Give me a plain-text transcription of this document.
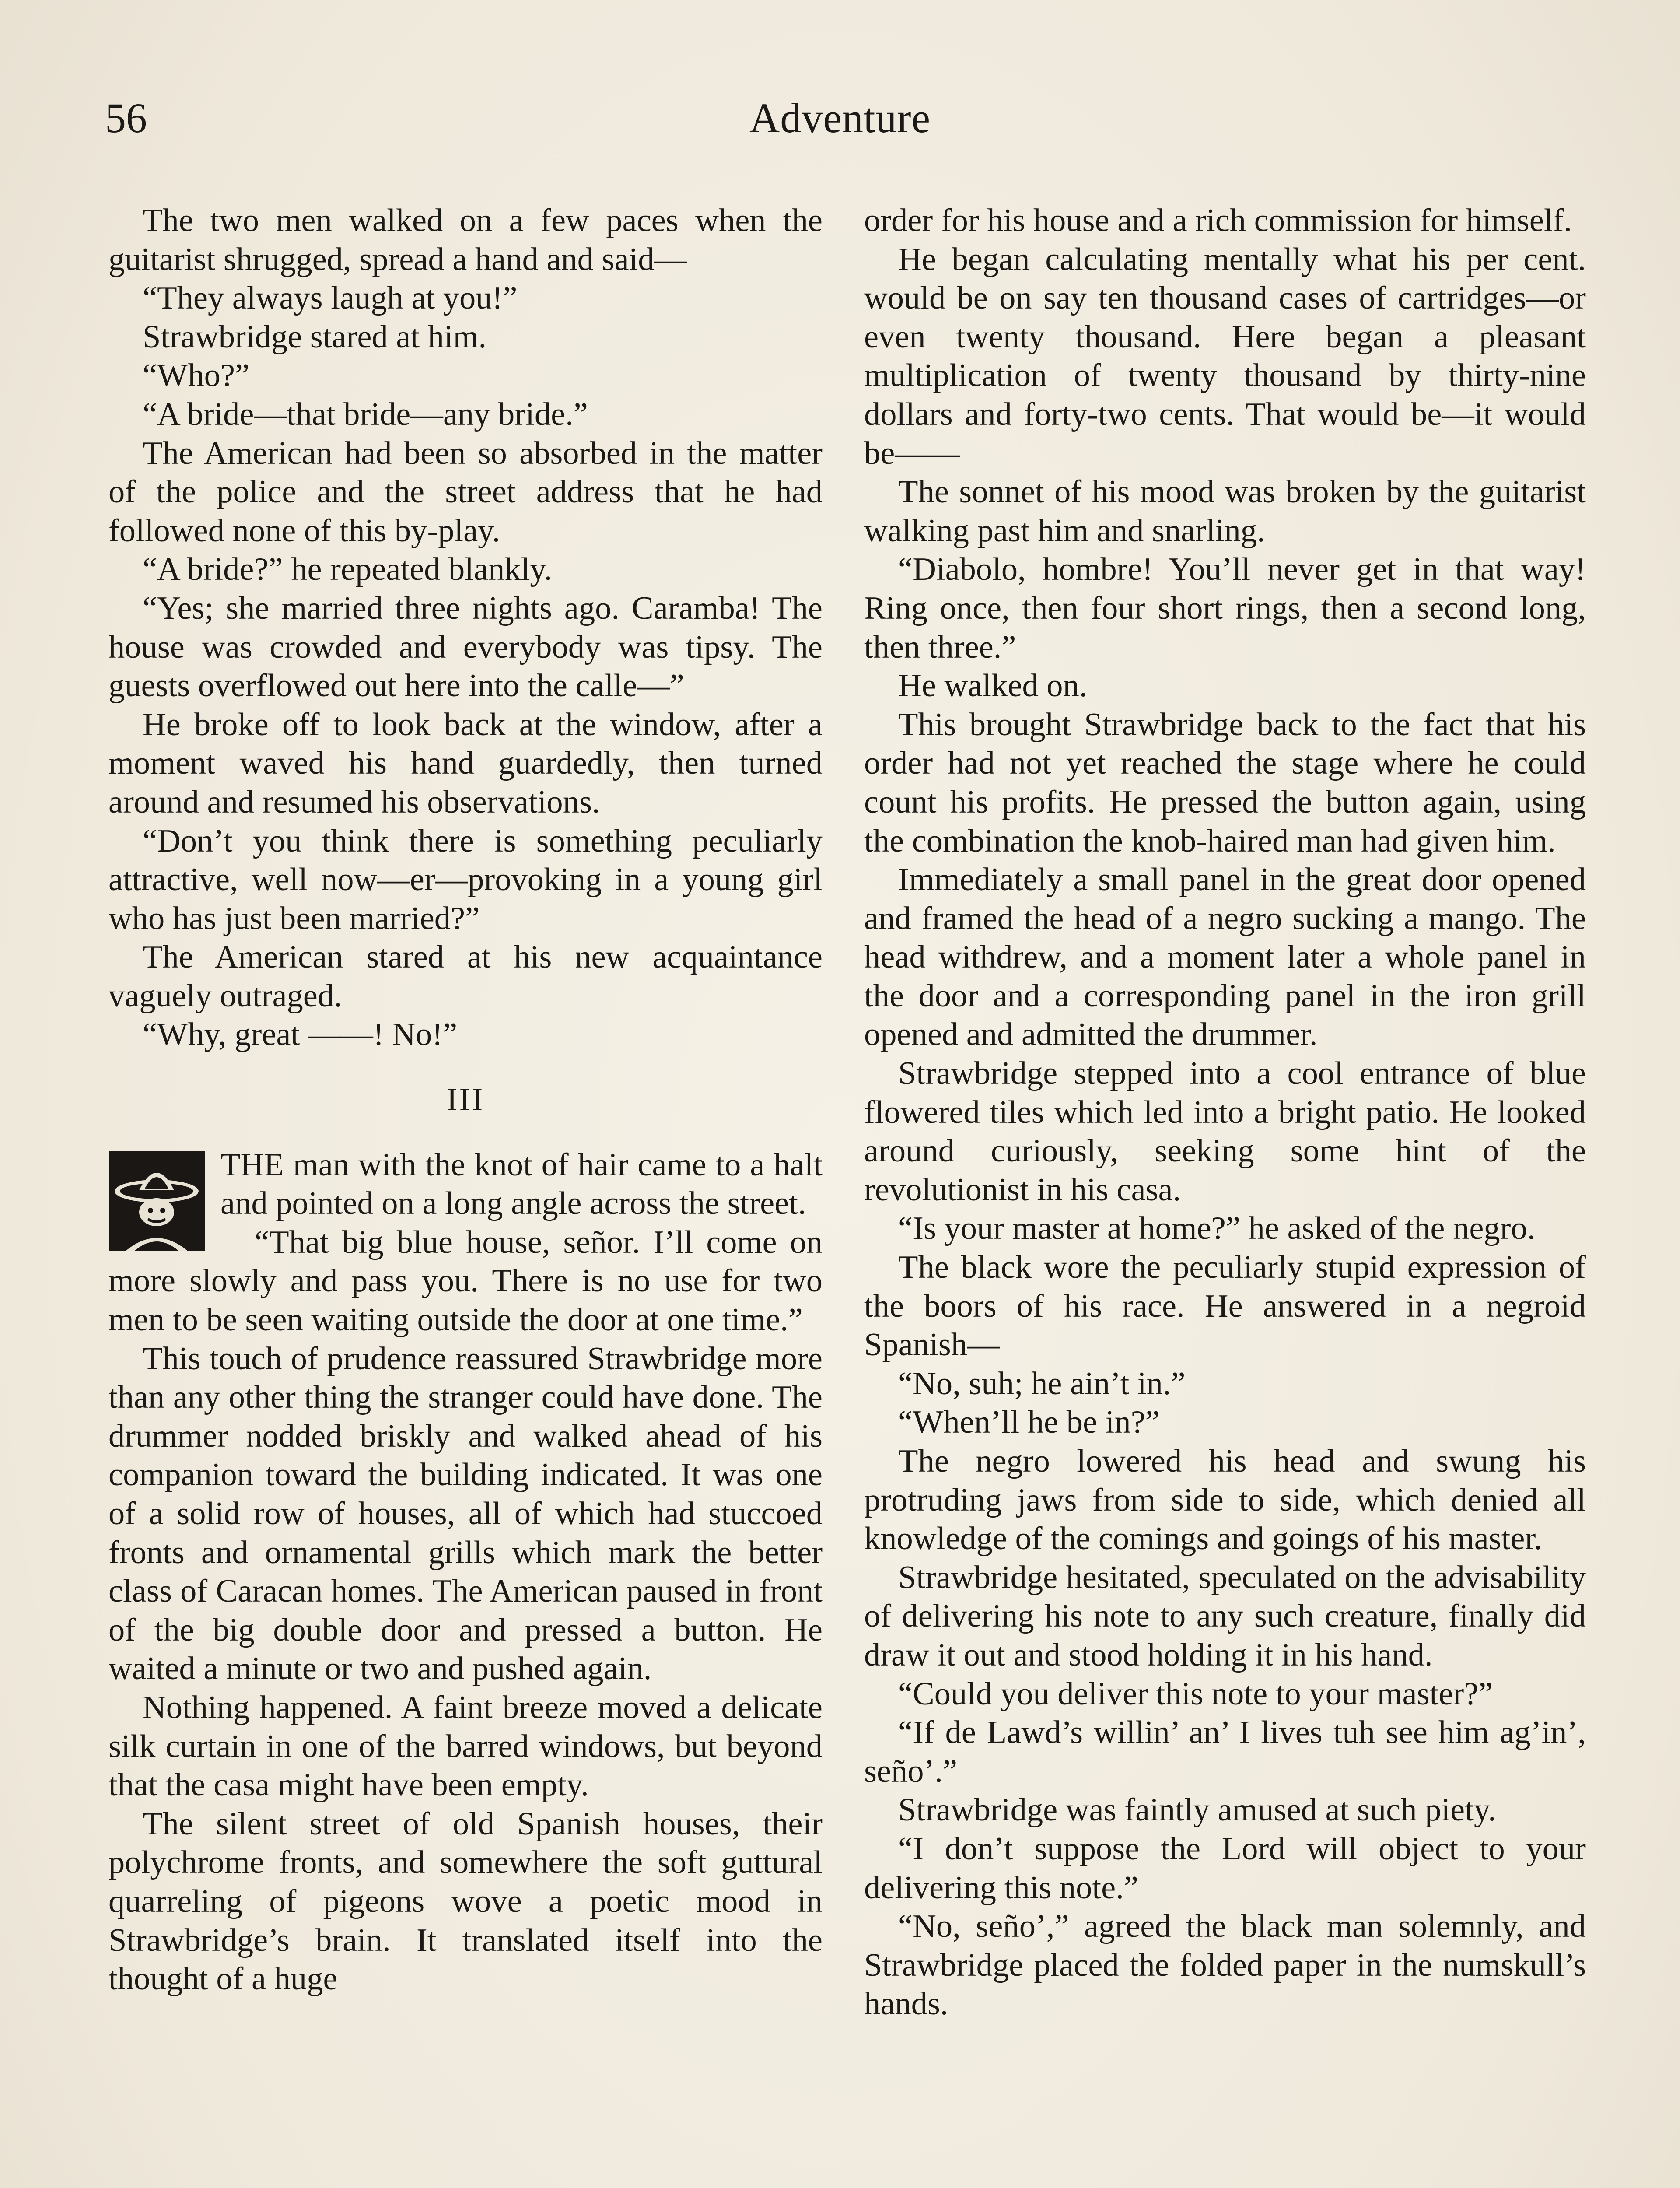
56	Adventure

The two men walked on a few paces when the guitarist shrugged, spread a hand and said—

“They always laugh at you!”

Strawbridge stared at him.

“Who?”

“A bride—that bride—any bride.”

The American had been so absorbed in the matter of the police and the street address that he had followed none of this by-play.

“A bride?” he repeated blankly.

“Yes; she married three nights ago. Caramba! The house was crowded and everybody was tipsy. The guests overflowed out here into the calle—”

He broke off to look back at the window, after a moment waved his hand guardedly, then turned around and resumed his observations.

“Don’t you think there is something peculiarly attractive, well now—er—provoking in a young girl who has just been married?”

The American stared at his new acquaintance vaguely outraged.

“Why, great ——! No!”

III

THE man with the knot of hair came to a halt and pointed on a long angle across the street.

“That big blue house, señor. I’ll come on more slowly and pass you. There is no use for two men to be seen waiting outside the door at one time.”

This touch of prudence reassured Strawbridge more than any other thing the stranger could have done. The drummer nodded briskly and walked ahead of his companion toward the building indicated. It was one of a solid row of houses, all of which had stuccoed fronts and ornamental grills which mark the better class of Caracan homes. The American paused in front of the big double door and pressed a button. He waited a minute or two and pushed again.

Nothing happened. A faint breeze moved a delicate silk curtain in one of the barred windows, but beyond that the casa might have been empty.

The silent street of old Spanish houses, their polychrome fronts, and somewhere the soft guttural quarreling of pigeons wove a poetic mood in Strawbridge’s brain. It translated itself into the thought of a huge

order for his house and a rich commission for himself.

He began calculating mentally what his per cent. would be on say ten thousand cases of cartridges—or even twenty thousand. Here began a pleasant multiplication of twenty thousand by thirty-nine dollars and forty-two cents. That would be—it would be——

The sonnet of his mood was broken by the guitarist walking past him and snarling.

“Diabolo, hombre! You’ll never get in that way! Ring once, then four short rings, then a second long, then three.”

He walked on.

This brought Strawbridge back to the fact that his order had not yet reached the stage where he could count his profits. He pressed the button again, using the combination the knob-haired man had given him.

Immediately a small panel in the great door opened and framed the head of a negro sucking a mango. The head withdrew, and a moment later a whole panel in the door and a corresponding panel in the iron grill opened and admitted the drummer.

Strawbridge stepped into a cool entrance of blue flowered tiles which led into a bright patio. He looked around curiously, seeking some hint of the revolutionist in his casa.

“Is your master at home?” he asked of the negro.

The black wore the peculiarly stupid expression of the boors of his race. He answered in a negroid Spanish—

“No, suh; he ain’t in.”

“When’ll he be in?”

The negro lowered his head and swung his protruding jaws from side to side, which denied all knowledge of the comings and goings of his master.

Strawbridge hesitated, speculated on the advisability of delivering his note to any such creature, finally did draw it out and stood holding it in his hand.

“Could you deliver this note to your master?”

“If de Lawd’s willin’ an’ I lives tuh see him ag’in’, seño’.”

Strawbridge was faintly amused at such piety.

“I don’t suppose the Lord will object to your delivering this note.”

“No, seño’,” agreed the black man solemnly, and Strawbridge placed the folded paper in the numskull’s hands.
